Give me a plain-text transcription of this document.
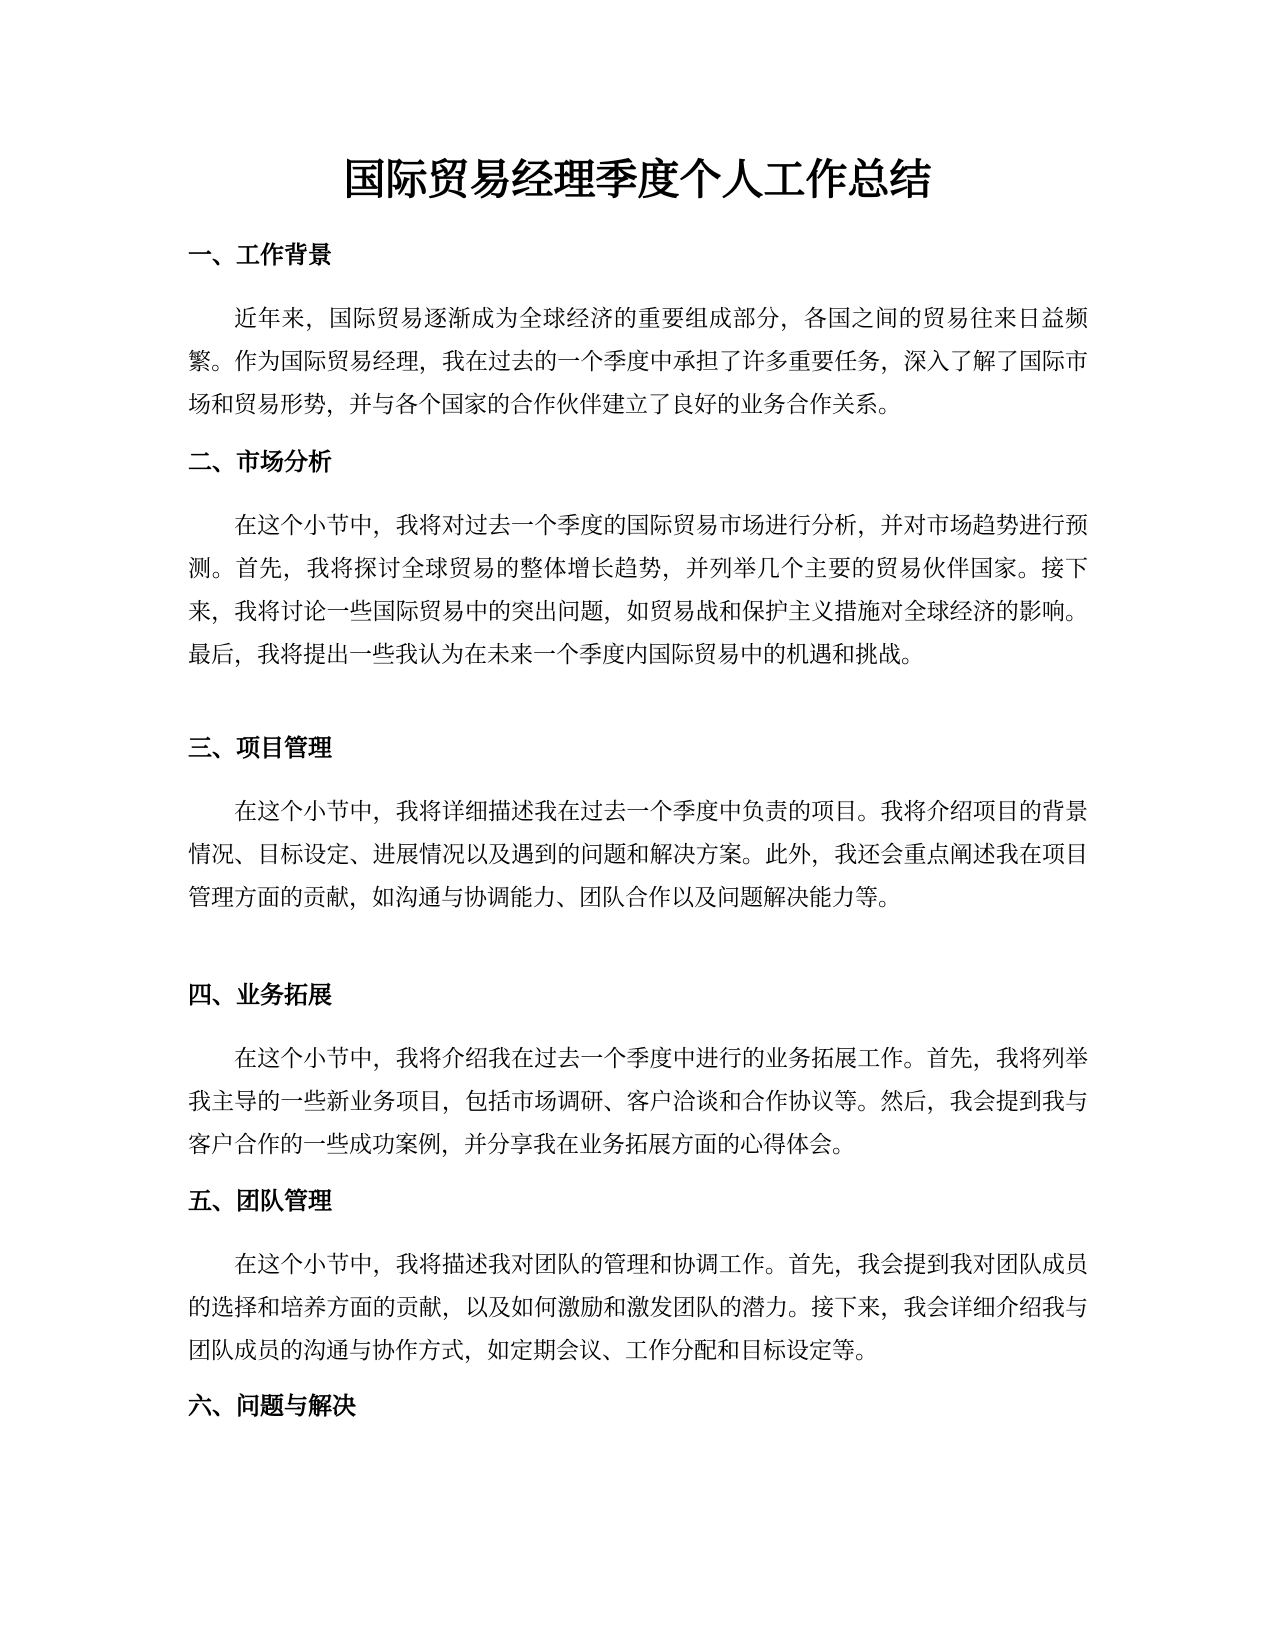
国际贸易经理季度个人工作总结
一、工作背景

近年来，国际贸易逐渐成为全球经济的重要组成部分，各国之间的贸易往来日益频繁。作为国际贸易经理，我在过去的一个季度中承担了许多重要任务，深入了解了国际市场和贸易形势，并与各个国家的合作伙伴建立了良好的业务合作关系。

二、市场分析

在这个小节中，我将对过去一个季度的国际贸易市场进行分析，并对市场趋势进行预测。首先，我将探讨全球贸易的整体增长趋势，并列举几个主要的贸易伙伴国家。接下来，我将讨论一些国际贸易中的突出问题，如贸易战和保护主义措施对全球经济的影响。最后，我将提出一些我认为在未来一个季度内国际贸易中的机遇和挑战。

三、项目管理

在这个小节中，我将详细描述我在过去一个季度中负责的项目。我将介绍项目的背景情况、目标设定、进展情况以及遇到的问题和解决方案。此外，我还会重点阐述我在项目管理方面的贡献，如沟通与协调能力、团队合作以及问题解决能力等。

四、业务拓展

在这个小节中，我将介绍我在过去一个季度中进行的业务拓展工作。首先，我将列举我主导的一些新业务项目，包括市场调研、客户洽谈和合作协议等。然后，我会提到我与客户合作的一些成功案例，并分享我在业务拓展方面的心得体会。

五、团队管理

在这个小节中，我将描述我对团队的管理和协调工作。首先，我会提到我对团队成员的选择和培养方面的贡献，以及如何激励和激发团队的潜力。接下来，我会详细介绍我与团队成员的沟通与协作方式，如定期会议、工作分配和目标设定等。

六、问题与解决
